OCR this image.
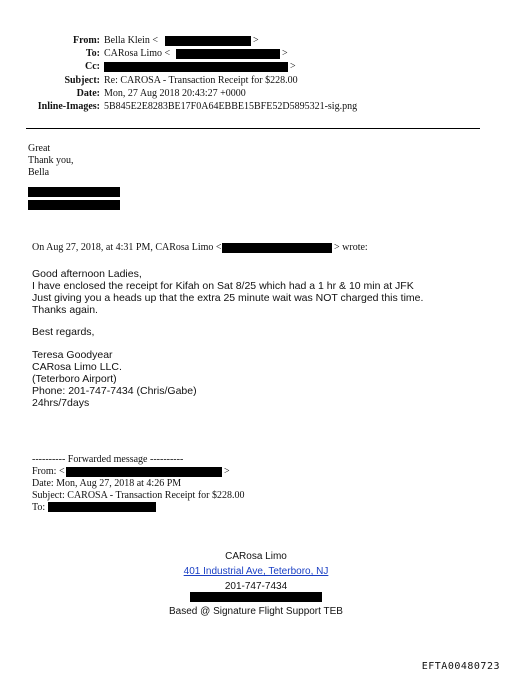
From: Bella Klein <	>
To: CARosa Limo <	>
Cc:	>
Subject: Re: CAROSA - Transaction Receipt for $228.00
Date: Mon, 27 Aug 2018 20:43:27 +0000
Inline-Images: 5B845E2E8283BE17F0A64EBBE15BFE52D5895321-sig.png
Great
Thank you,
Bella
On Aug 27, 2018, at 4:31 PM, CARosa Limo <	> wrote:
Good afternoon Ladies,
I have enclosed the receipt for Kifah on Sat 8/25 which had a 1 hr & 10 min at JFK
Just giving you a heads up that the extra 25 minute wait was NOT charged this time.
Thanks again.
Best regards,
Teresa Goodyear
CARosa Limo LLC.
(Teterboro Airport)
Phone: 201-747-7434 (Chris/Gabe)
24hrs/7days
---------- Forwarded message ----------
From: <	>
Date: Mon, Aug 27, 2018 at 4:26 PM
Subject: CAROSA - Transaction Receipt for $228.00
To:
CARosa Limo
401 Industrial Ave, Teterboro, NJ
201-747-7434
Based @ Signature Flight Support TEB
EFTA00480723
